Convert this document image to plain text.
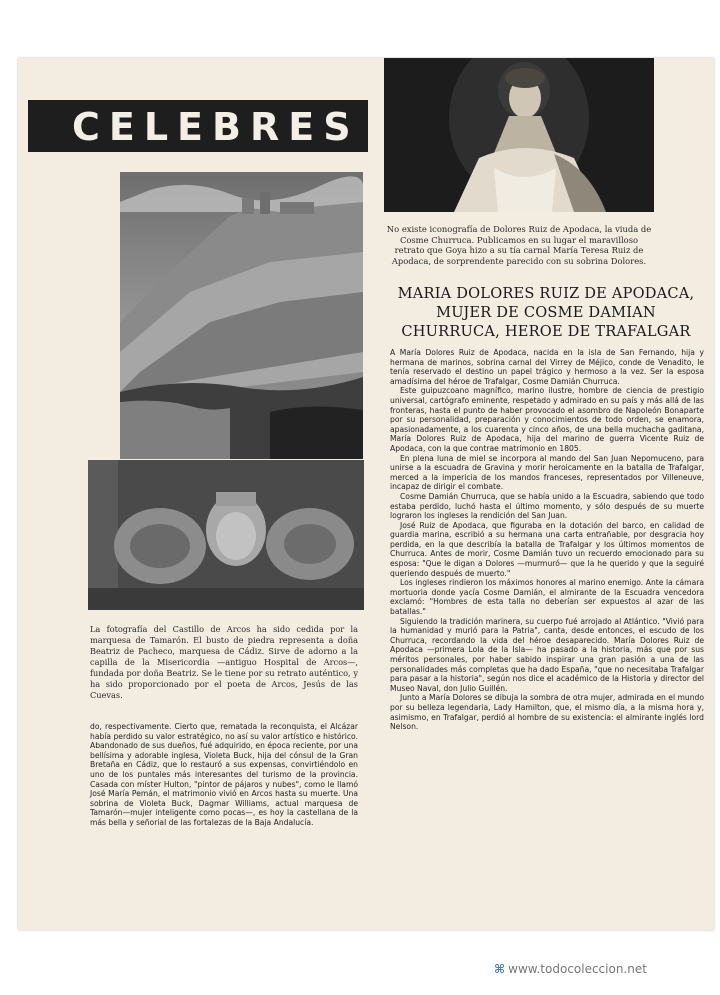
CELEBRES
No existe iconografía de Dolores Ruiz de Apodaca, la viuda de Cosme Churruca. Publicamos en su lugar el maravilloso retrato que Goya hizo a su tía carnal María Teresa Ruiz de Apodaca, de sorprendente parecido con su sobrina Dolores.
MARIA DOLORES RUIZ DE APODACA, MUJER DE COSME DAMIAN CHURRUCA, HEROE DE TRAFALGAR
La fotografía del Castillo de Arcos ha sido cedida por la marquesa de Tamarón. El busto de piedra representa a doña Beatriz de Pacheco, marquesa de Cádiz. Sirve de adorno a la capilla de la Misericordia —antiguo Hospital de Arcos—, fundada por doña Beatriz. Se le tiene por su retrato auténtico, y ha sido proporcionado por el poeta de Arcos, Jesús de las Cuevas.

do, respectivamente. Cierto que, rematada la reconquista, el Alcázar había perdido su valor estratégico, no así su valor artístico e histórico. Abandonado de sus dueños, fué adquirido, en época reciente, por una bellísima y adorable inglesa, Violeta Buck, hija del cónsul de la Gran Bretaña en Cádiz, que lo restauró a sus expensas, convirtiéndolo en uno de los puntales más interesantes del turismo de la provincia. Casada con míster Hulton, "pintor de pájaros y nubes", como le llamó José María Pemán, el matrimonio vivió en Arcos hasta su muerte. Una sobrina de Violeta Buck, Dagmar Williams, actual marquesa de Tamarón—mujer inteligente como pocas—, es hoy la castellana de la más bella y señorial de las fortalezas de la Baja Andalucía.

A María Dolores Ruiz de Apodaca, nacida en la isla de San Fernando, hija y hermana de marinos, sobrina carnal del Virrey de Méjico, conde de Venadito, le tenía reservado el destino un papel trágico y hermoso a la vez. Ser la esposa amadísima del héroe de Trafalgar, Cosme Damián Churruca.

Este guipuzcoano magnífico, marino ilustre, hombre de ciencia de prestigio universal, cartógrafo eminente, respetado y admirado en su país y más allá de las fronteras, hasta el punto de haber provocado el asombro de Napoleón Bonaparte por su personalidad, preparación y conocimientos de todo orden, se enamora, apasionadamente, a los cuarenta y cinco años, de una bella muchacha gaditana, María Dolores Ruiz de Apodaca, hija del marino de guerra Vicente Ruiz de Apodaca, con la que contrae matrimonio en 1805.

En plena luna de miel se incorpora al mando del San Juan Nepomuceno, para unirse a la escuadra de Gravina y morir heroicamente en la batalla de Trafalgar, merced a la impericia de los mandos franceses, representados por Villeneuve, incapaz de dirigir el combate.

Cosme Damián Churruca, que se había unido a la Escuadra, sabiendo que todo estaba perdido, luchó hasta el último momento, y sólo después de su muerte lograron los ingleses la rendición del San Juan.

José Ruiz de Apodaca, que figuraba en la dotación del barco, en calidad de guardia marina, escribió a su hermana una carta entrañable, por desgracia hoy perdida, en la que describía la batalla de Trafalgar y los últimos momentos de Churruca. Antes de morir, Cosme Damián tuvo un recuerdo emocionado para su esposa: "Que le digan a Dolores —murmuró— que la he querido y que la seguiré queriendo después de muerto."

Los ingleses rindieron los máximos honores al marino enemigo. Ante la cámara mortuoria donde yacía Cosme Damián, el almirante de la Escuadra vencedora exclamó: "Hombres de esta talla no deberían ser expuestos al azar de las batallas."

Siguiendo la tradición marinera, su cuerpo fué arrojado al Atlántico. "Vivió para la humanidad y murió para la Patria", canta, desde entonces, el escudo de los Churruca, recordando la vida del héroe desaparecido. María Dolores Ruiz de Apodaca —primera Lola de la Isla— ha pasado a la historia, más que por sus méritos personales, por haber sabido inspirar una gran pasión a una de las personalidades más completas que ha dado España, "que no necesitaba Trafalgar para pasar a la historia", según nos dice el académico de la Historia y director del Museo Naval, don Julio Guillén.

Junto a María Dolores se dibuja la sombra de otra mujer, admirada en el mundo por su belleza legendaria, Lady Hamilton, que, el mismo día, a la misma hora y, asimismo, en Trafalgar, perdió al hombre de su existencia: el almirante inglés lord Nelson.

⌘ www.todocoleccion.net
